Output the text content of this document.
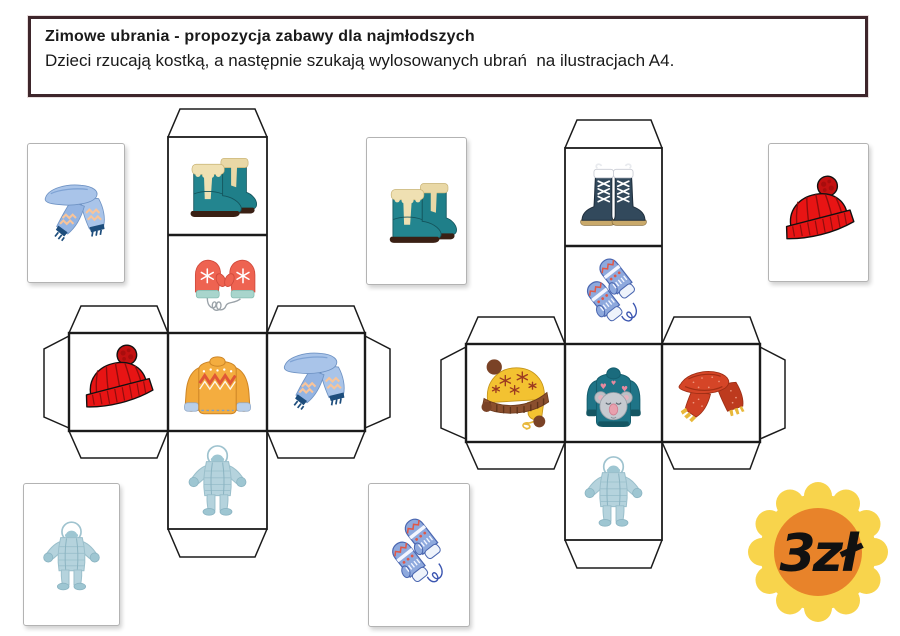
Zimowe ubrania - propozycja zabawy dla najmłodszych
Dzieci rzucają kostką, a następnie szukają wylosowanych ubrań  na ilustracjach A4.
3zł
